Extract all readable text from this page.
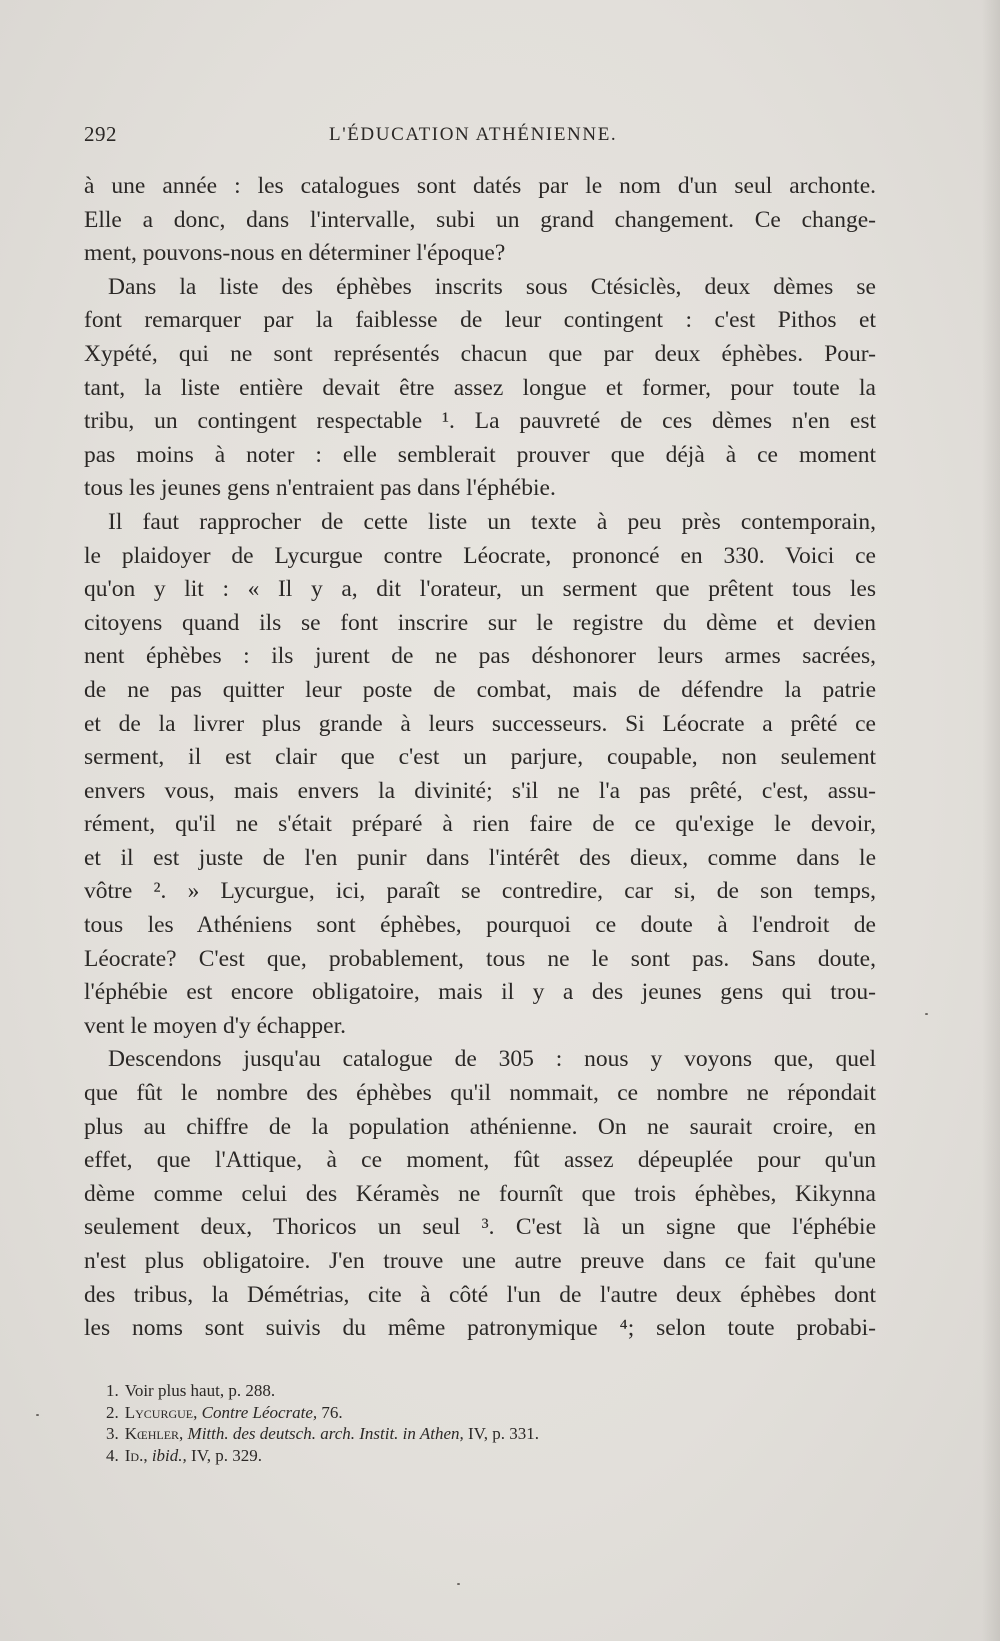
292	L'ÉDUCATION ATHÉNIENNE.
à une année : les catalogues sont datés par le nom d'un seul archonte.
Elle a donc, dans l'intervalle, subi un grand changement. Ce change-
ment, pouvons-nous en déterminer l'époque?
Dans la liste des éphèbes inscrits sous Ctésiclès, deux dèmes se
font remarquer par la faiblesse de leur contingent : c'est Pithos et
Xypété, qui ne sont représentés chacun que par deux éphèbes. Pour-
tant, la liste entière devait être assez longue et former, pour toute la
tribu, un contingent respectable ¹. La pauvreté de ces dèmes n'en est
pas moins à noter : elle semblerait prouver que déjà à ce moment
tous les jeunes gens n'entraient pas dans l'éphébie.
Il faut rapprocher de cette liste un texte à peu près contemporain,
le plaidoyer de Lycurgue contre Léocrate, prononcé en 330. Voici ce
qu'on y lit : « Il y a, dit l'orateur, un serment que prêtent tous les
citoyens quand ils se font inscrire sur le registre du dème et devien
nent éphèbes : ils jurent de ne pas déshonorer leurs armes sacrées,
de ne pas quitter leur poste de combat, mais de défendre la patrie
et de la livrer plus grande à leurs successeurs. Si Léocrate a prêté ce
serment, il est clair que c'est un parjure, coupable, non seulement
envers vous, mais envers la divinité; s'il ne l'a pas prêté, c'est, assu-
rément, qu'il ne s'était préparé à rien faire de ce qu'exige le devoir,
et il est juste de l'en punir dans l'intérêt des dieux, comme dans le
vôtre ². » Lycurgue, ici, paraît se contredire, car si, de son temps,
tous les Athéniens sont éphèbes, pourquoi ce doute à l'endroit de
Léocrate? C'est que, probablement, tous ne le sont pas. Sans doute,
l'éphébie est encore obligatoire, mais il y a des jeunes gens qui trou-
vent le moyen d'y échapper.
Descendons jusqu'au catalogue de 305 : nous y voyons que, quel
que fût le nombre des éphèbes qu'il nommait, ce nombre ne répondait
plus au chiffre de la population athénienne. On ne saurait croire, en
effet, que l'Attique, à ce moment, fût assez dépeuplée pour qu'un
dème comme celui des Kéramès ne fournît que trois éphèbes, Kikynna
seulement deux, Thoricos un seul ³. C'est là un signe que l'éphébie
n'est plus obligatoire. J'en trouve une autre preuve dans ce fait qu'une
des tribus, la Démétrias, cite à côté l'un de l'autre deux éphèbes dont
les noms sont suivis du même patronymique ⁴; selon toute probabi-
1. Voir plus haut, p. 288.
2. Lycurgue, Contre Léocrate, 76.
3. Kœhler, Mitth. des deutsch. arch. Instit. in Athen, IV, p. 331.
4. Id., ibid., IV, p. 329.
